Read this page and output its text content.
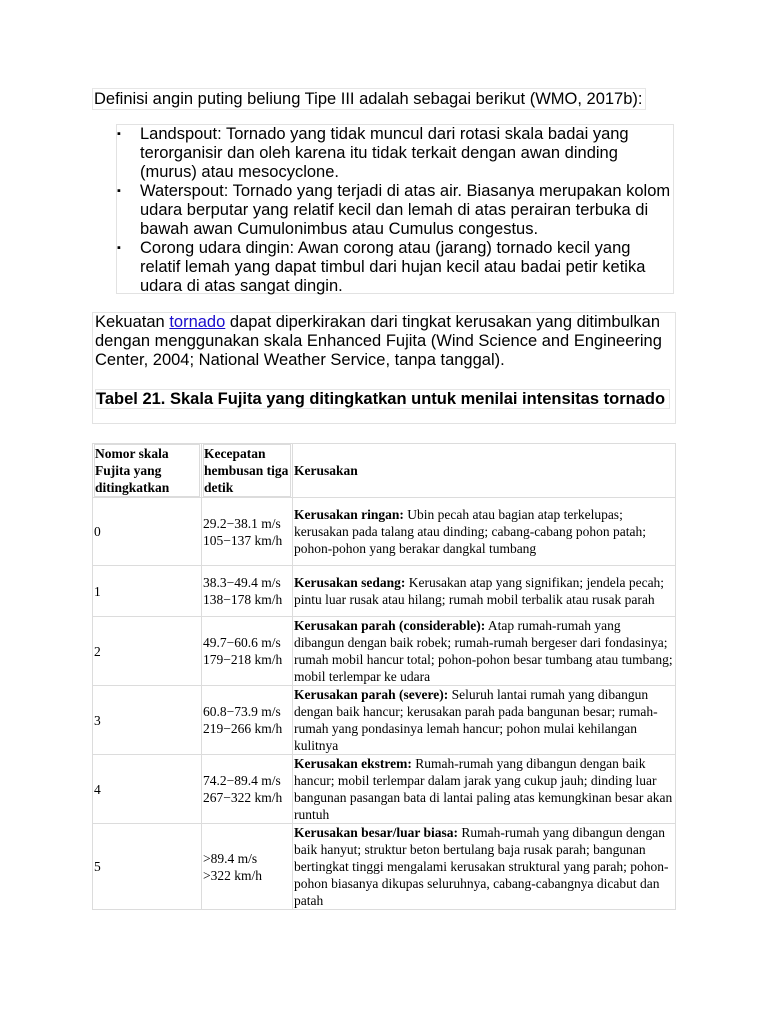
Definisi angin puting beliung Tipe III adalah sebagai berikut (WMO, 2017b):

▪ Landspout: Tornado yang tidak muncul dari rotasi skala badai yang terorganisir dan oleh karena itu tidak terkait dengan awan dinding (murus) atau mesocyclone.
▪ Waterspout: Tornado yang terjadi di atas air. Biasanya merupakan kolom udara berputar yang relatif kecil dan lemah di atas perairan terbuka di bawah awan Cumulonimbus atau Cumulus congestus.
▪ Corong udara dingin: Awan corong atau (jarang) tornado kecil yang relatif lemah yang dapat timbul dari hujan kecil atau badai petir ketika udara di atas sangat dingin.
Kekuatan tornado dapat diperkirakan dari tingkat kerusakan yang ditimbulkan dengan menggunakan skala Enhanced Fujita (Wind Science and Engineering Center, 2004; National Weather Service, tanpa tanggal).
Tabel 21. Skala Fujita yang ditingkatkan untuk menilai intensitas tornado
Nomor skala Fujita yang ditingkatkan	Kecepatan hembusan tiga detik	Kerusakan
0	29.2−38.1 m/s
105−137 km/h	Kerusakan ringan: Ubin pecah atau bagian atap terkelupas; kerusakan pada talang atau dinding; cabang-cabang pohon patah; pohon-pohon yang berakar dangkal tumbang
1	38.3−49.4 m/s
138−178 km/h	Kerusakan sedang: Kerusakan atap yang signifikan; jendela pecah; pintu luar rusak atau hilang; rumah mobil terbalik atau rusak parah
2	49.7−60.6 m/s
179−218 km/h	Kerusakan parah (considerable): Atap rumah-rumah yang dibangun dengan baik robek; rumah-rumah bergeser dari fondasinya; rumah mobil hancur total; pohon-pohon besar tumbang atau tumbang; mobil terlempar ke udara
3	60.8−73.9 m/s
219−266 km/h	Kerusakan parah (severe): Seluruh lantai rumah yang dibangun dengan baik hancur; kerusakan parah pada bangunan besar; rumah-rumah yang pondasinya lemah hancur; pohon mulai kehilangan kulitnya
4	74.2−89.4 m/s
267−322 km/h	Kerusakan ekstrem: Rumah-rumah yang dibangun dengan baik hancur; mobil terlempar dalam jarak yang cukup jauh; dinding luar bangunan pasangan bata di lantai paling atas kemungkinan besar akan runtuh
5	>89.4 m/s
>322 km/h	Kerusakan besar/luar biasa: Rumah-rumah yang dibangun dengan baik hanyut; struktur beton bertulang baja rusak parah; bangunan bertingkat tinggi mengalami kerusakan struktural yang parah; pohon-pohon biasanya dikupas seluruhnya, cabang-cabangnya dicabut dan patah
